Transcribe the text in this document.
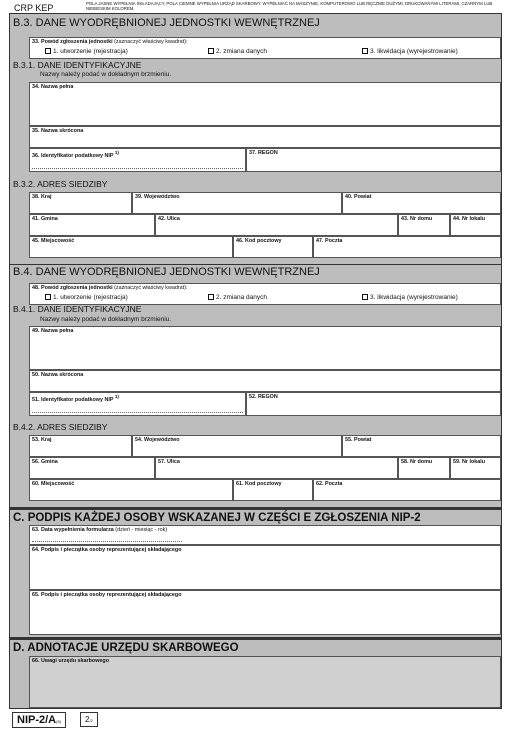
CRP KEP	POLA JASNE WYPEŁNIA SKŁADAJĄCY, POLA CIEMNE WYPEŁNIA URZĄD SKARBOWY. WYPEŁNIAĆ NA MASZYNIE, KOMPUTEROWO LUB RĘCZNIE DUŻYMI, DRUKOWANYMI LITERAMI, CZARNYM LUB NIEBIESKIM KOLOREM.
B.3. DANE WYODRĘBNIONEJ JEDNOSTKI WEWNĘTRZNEJ
33. Powód zgłoszenia jednostki (zaznaczyć właściwy kwadrat):
1. utworzenie (rejestracja)	2. zmiana danych	3. likwidacja (wyrejestrowanie)
B.3.1. DANE IDENTYFIKACYJNE
Nazwy należy podać w dokładnym brzmieniu.
34. Nazwa pełna
35. Nazwa skrócona
36. Identyfikator podatkowy NIP $^{1)}$	37. REGON
B.3.2. ADRES SIEDZIBY
38. Kraj	39. Województwo	40. Powiat
41. Gmina	42. Ulica	43. Nr domu	44. Nr lokalu
45. Miejscowość	46. Kod pocztowy	47. Poczta
B.4. DANE WYODRĘBNIONEJ JEDNOSTKI WEWNĘTRZNEJ
48. Powód zgłoszenia jednostki (zaznaczyć właściwy kwadrat):
1. utworzenie (rejestracja)	2. zmiana danych	3. likwidacja (wyrejestrowanie)
B.4.1. DANE IDENTYFIKACYJNE
Nazwy należy podać w dokładnym brzmieniu.
49. Nazwa pełna
50. Nazwa skrócona
51. Identyfikator podatkowy NIP $^{1)}$	52. REGON
B.4.2. ADRES SIEDZIBY
53. Kraj	54. Województwo	55. Powiat
56. Gmina	57. Ulica	58. Nr domu	59. Nr lokalu
60. Miejscowość	61. Kod pocztowy	62. Poczta
C. PODPIS KAŻDEJ OSOBY WSKAZANEJ W CZĘŚCI E ZGŁOSZENIA NIP-2
63. Data wypełnienia formularza (dzień - miesiąc - rok)
64. Podpis i pieczątka osoby reprezentującej składającego
65. Podpis i pieczątka osoby reprezentującej składającego
D. ADNOTACJE URZĘDU SKARBOWEGO
66. Uwagi urzędu skarbowego
NIP-2/A(5)	2/2
